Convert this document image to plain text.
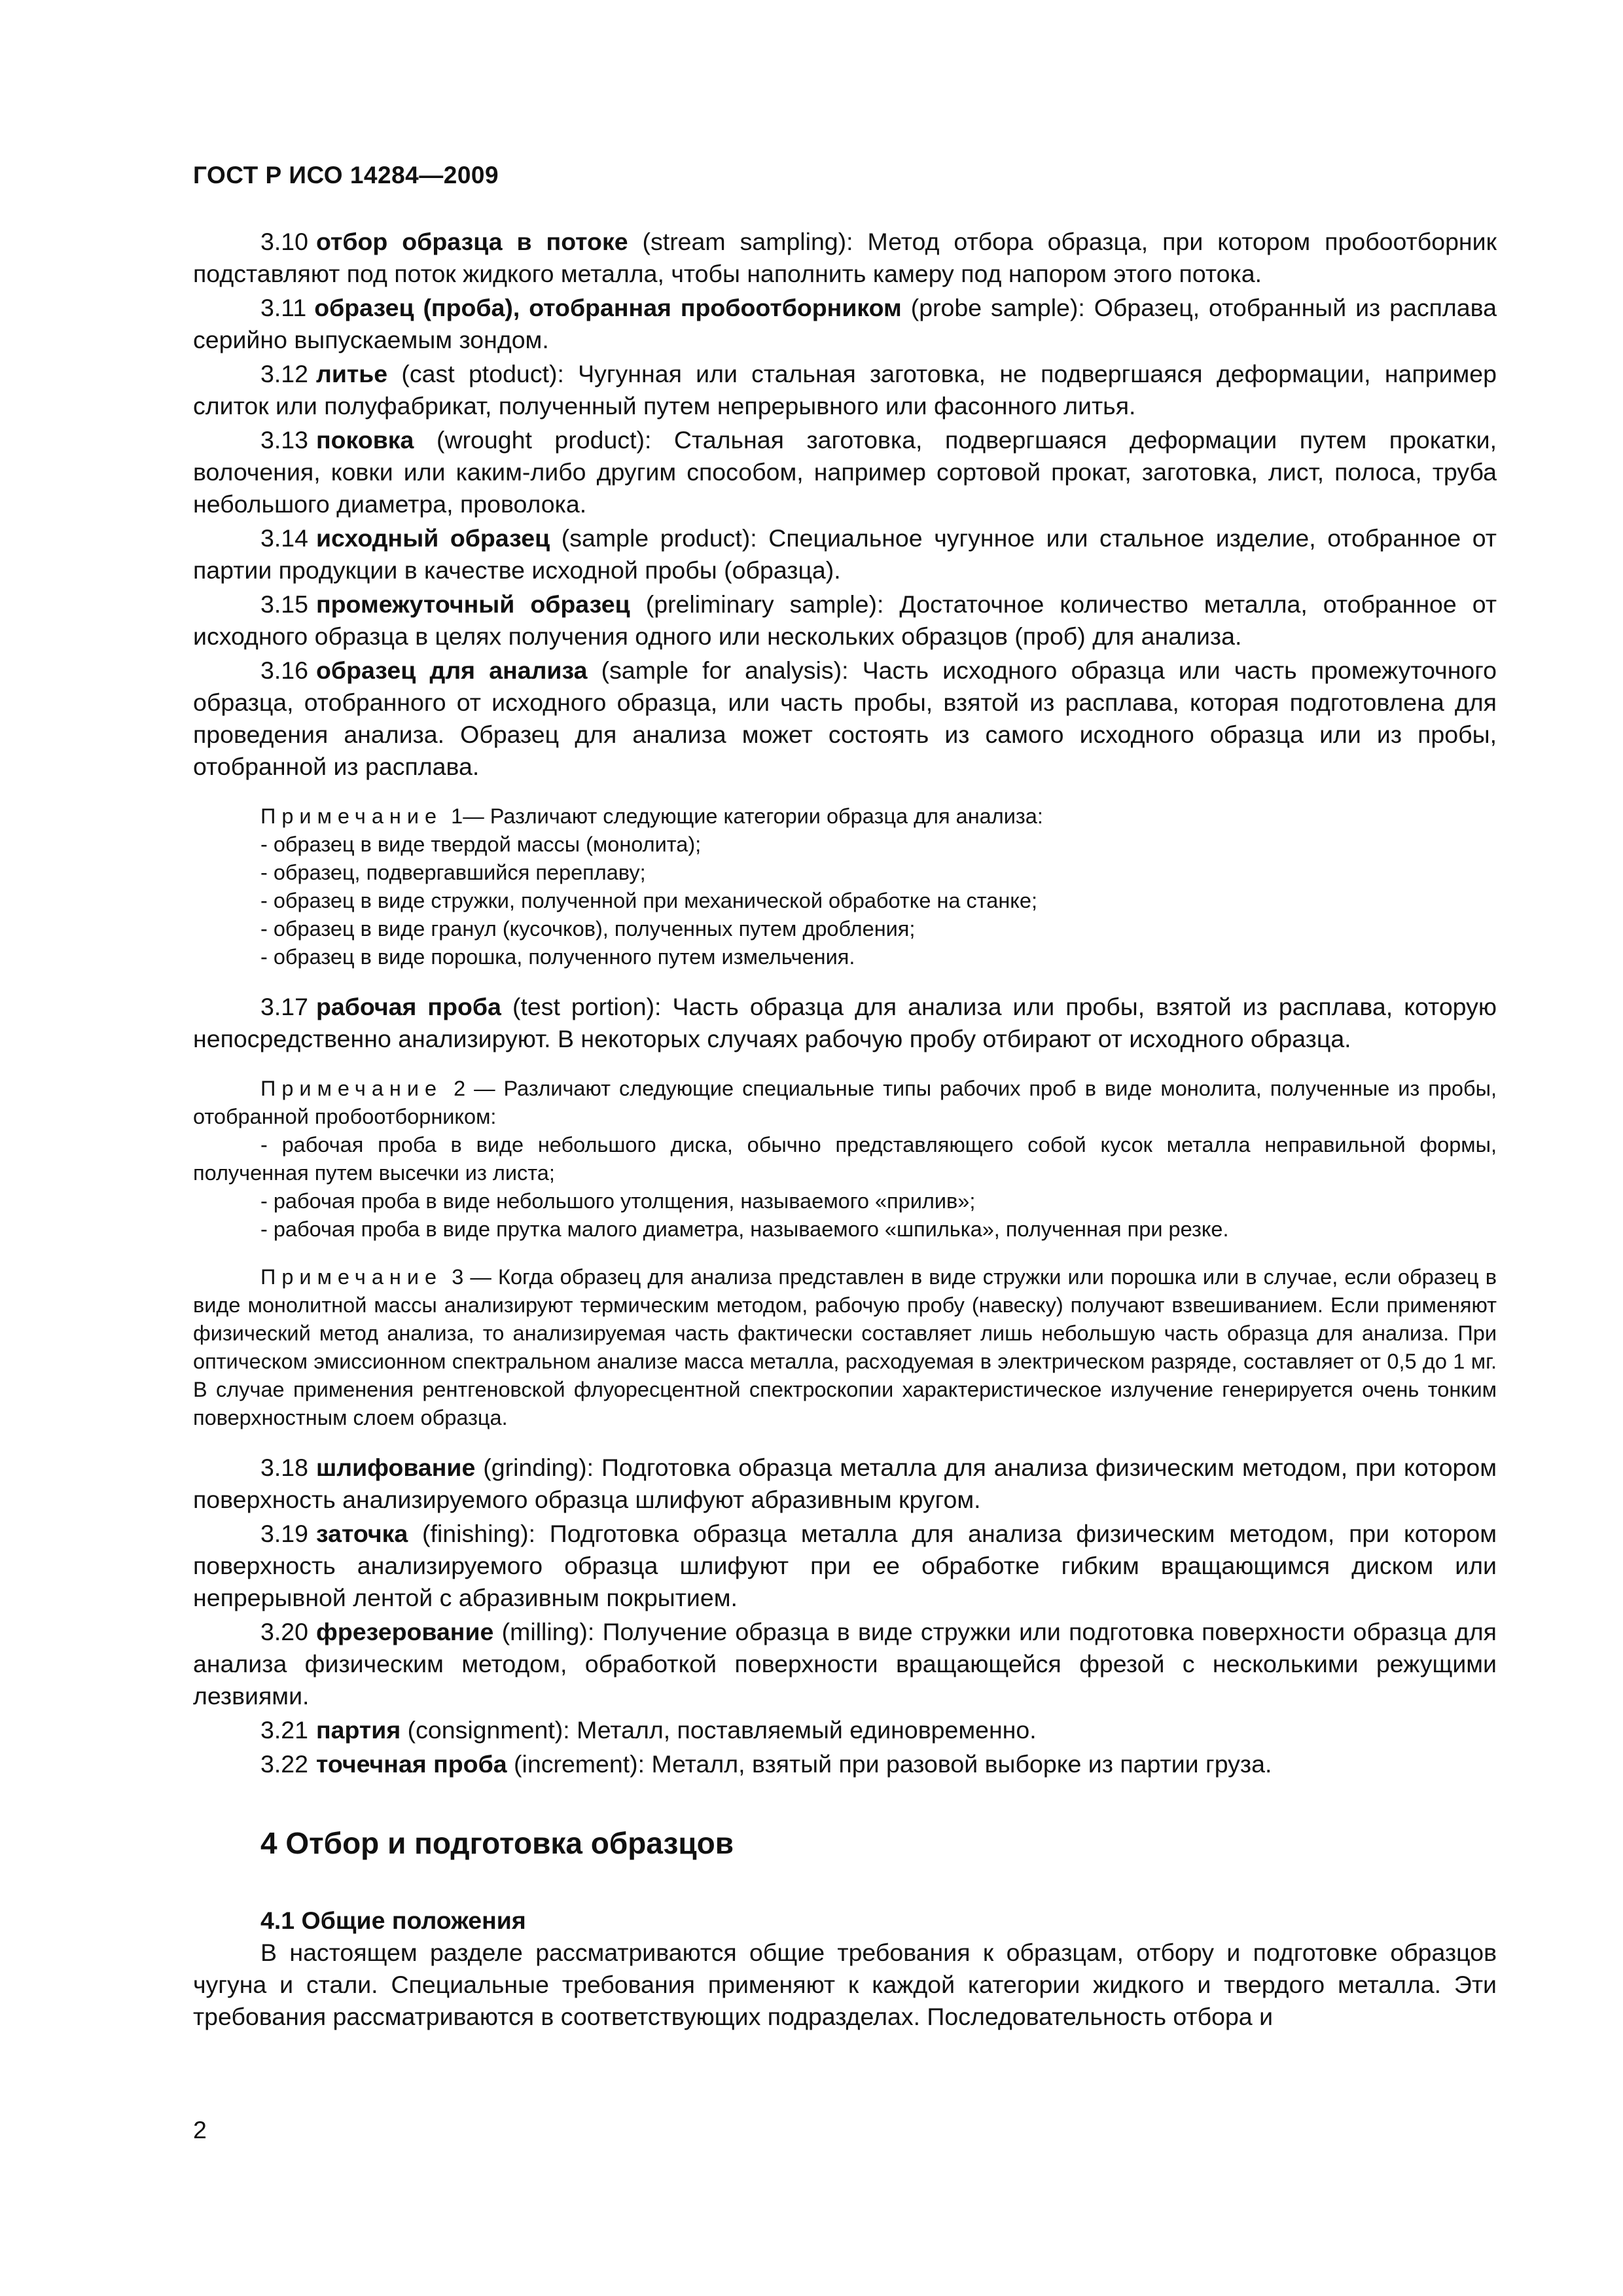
ГОСТ Р ИСО 14284—2009

3.10 отбор образца в потоке (stream sampling): Метод отбора образца, при котором пробоотборник подставляют под поток жидкого металла, чтобы наполнить камеру под напором этого потока.

3.11 образец (проба), отобранная пробоотборником (probe sample): Образец, отобранный из расплава серийно выпускаемым зондом.

3.12 литье (cast ptoduct): Чугунная или стальная заготовка, не подвергшаяся деформации, например слиток или полуфабрикат, полученный путем непрерывного или фасонного литья.

3.13 поковка (wrought product): Стальная заготовка, подвергшаяся деформации путем прокатки, волочения, ковки или каким-либо другим способом, например сортовой прокат, заготовка, лист, полоса, труба небольшого диаметра, проволока.

3.14 исходный образец (sample product): Специальное чугунное или стальное изделие, отобранное от партии продукции в качестве исходной пробы (образца).

3.15 промежуточный образец (preliminary sample): Достаточное количество металла, отобранное от исходного образца в целях получения одного или нескольких образцов (проб) для анализа.

3.16 образец для анализа (sample for analysis): Часть исходного образца или часть промежуточного образца, отобранного от исходного образца, или часть пробы, взятой из расплава, которая подготовлена для проведения анализа. Образец для анализа может состоять из самого исходного образца или из пробы, отобранной из расплава.

Примечание 1— Различают следующие категории образца для анализа:

- образец в виде твердой массы (монолита);

- образец, подвергавшийся переплаву;

- образец в виде стружки, полученной при механической обработке на станке;

- образец в виде гранул (кусочков), полученных путем дробления;

- образец в виде порошка, полученного путем измельчения.

3.17 рабочая проба (test portion): Часть образца для анализа или пробы, взятой из расплава, которую непосредственно анализируют. В некоторых случаях рабочую пробу отбирают от исходного образца.

Примечание 2 — Различают следующие специальные типы рабочих проб в виде монолита, полученные из пробы, отобранной пробоотборником:

- рабочая проба в виде небольшого диска, обычно представляющего собой кусок металла неправильной формы, полученная путем высечки из листа;

- рабочая проба в виде небольшого утолщения, называемого «прилив»;

- рабочая проба в виде прутка малого диаметра, называемого «шпилька», полученная при резке.

Примечание 3 — Когда образец для анализа представлен в виде стружки или порошка или в случае, если образец в виде монолитной массы анализируют термическим методом, рабочую пробу (навеску) получают взвешиванием. Если применяют физический метод анализа, то анализируемая часть фактически составляет лишь небольшую часть образца для анализа. При оптическом эмиссионном спектральном анализе масса металла, расходуемая в электрическом разряде, составляет от 0,5 до 1 мг. В случае применения рентгеновской флуоресцентной спектроскопии характеристическое излучение генерируется очень тонким поверхностным слоем образца.

3.18 шлифование (grinding): Подготовка образца металла для анализа физическим методом, при котором поверхность анализируемого образца шлифуют абразивным кругом.

3.19 заточка (finishing): Подготовка образца металла для анализа физическим методом, при котором поверхность анализируемого образца шлифуют при ее обработке гибким вращающимся диском или непрерывной лентой с абразивным покрытием.

3.20 фрезерование (milling): Получение образца в виде стружки или подготовка поверхности образца для анализа физическим методом, обработкой поверхности вращающейся фрезой с несколькими режущими лезвиями.

3.21 партия (consignment): Металл, поставляемый единовременно.

3.22 точечная проба (increment): Металл, взятый при разовой выборке из партии груза.

4 Отбор и подготовка образцов
4.1 Общие положения

В настоящем разделе рассматриваются общие требования к образцам, отбору и подготовке образцов чугуна и стали. Специальные требования применяют к каждой категории жидкого и твердого металла. Эти требования рассматриваются в соответствующих подразделах. Последовательность отбора и

2
